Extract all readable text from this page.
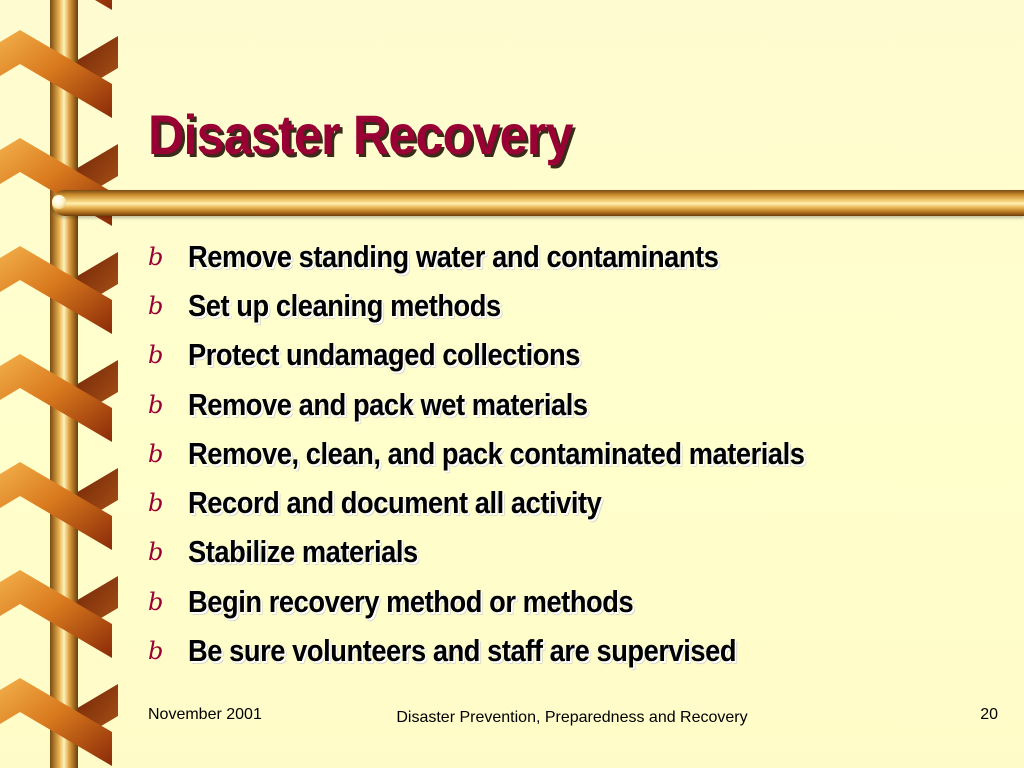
Disaster Recovery
b Remove standing water and contaminants
b Set up cleaning methods
b Protect undamaged collections
b Remove and pack wet materials
b Remove, clean, and pack contaminated materials
b Record and document all activity
b Stabilize materials
b Begin recovery method or methods
b Be sure volunteers and staff are supervised
November 2001	Disaster Prevention, Preparedness and Recovery	20
